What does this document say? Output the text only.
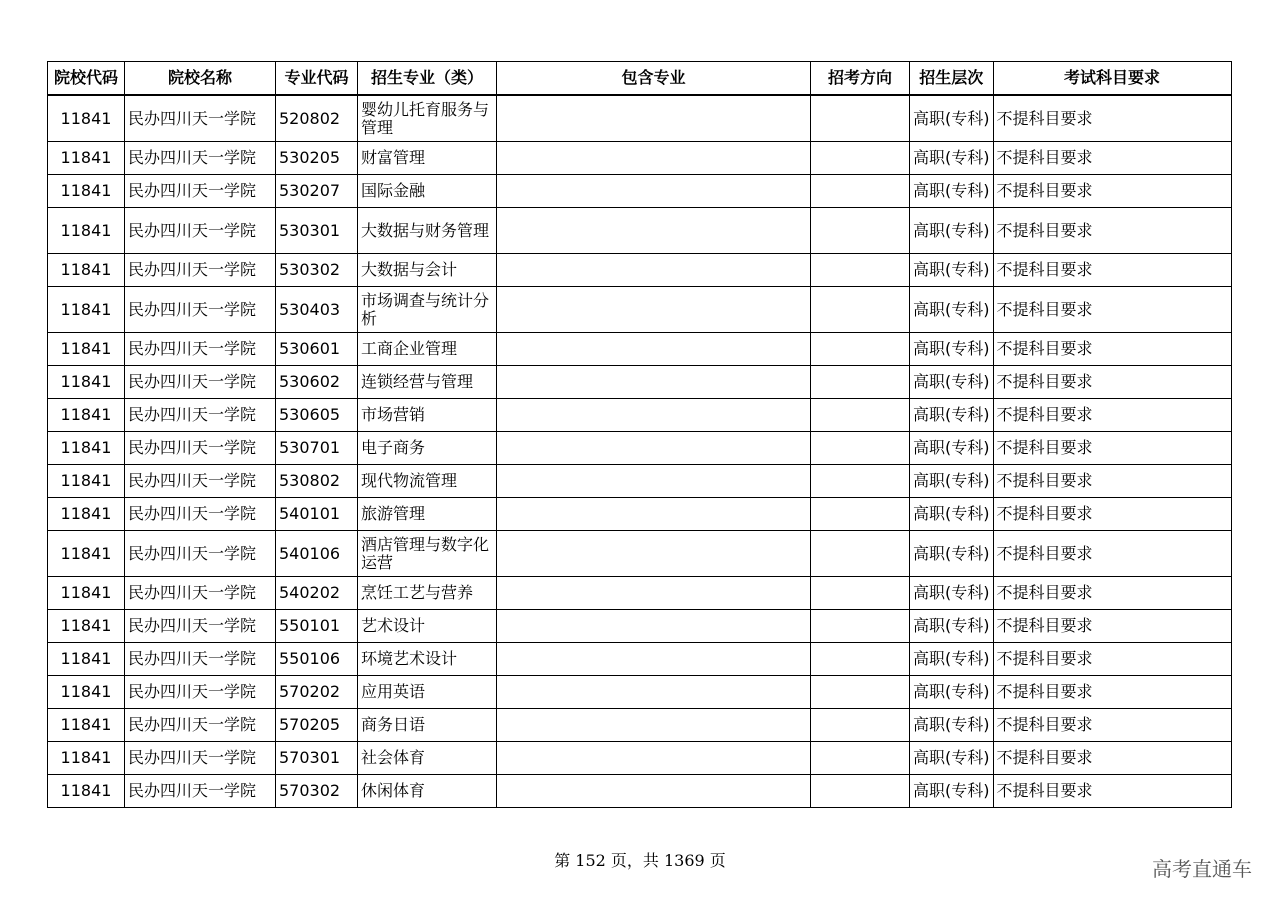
院校代码	院校名称	专业代码	招生专业（类）	包含专业	招考方向	招生层次	考试科目要求
11841	民办四川天一学院	520802	婴幼儿托育服务与管理			高职(专科)	不提科目要求
11841	民办四川天一学院	530205	财富管理			高职(专科)	不提科目要求
11841	民办四川天一学院	530207	国际金融			高职(专科)	不提科目要求
11841	民办四川天一学院	530301	大数据与财务管理			高职(专科)	不提科目要求
11841	民办四川天一学院	530302	大数据与会计			高职(专科)	不提科目要求
11841	民办四川天一学院	530403	市场调查与统计分析			高职(专科)	不提科目要求
11841	民办四川天一学院	530601	工商企业管理			高职(专科)	不提科目要求
11841	民办四川天一学院	530602	连锁经营与管理			高职(专科)	不提科目要求
11841	民办四川天一学院	530605	市场营销			高职(专科)	不提科目要求
11841	民办四川天一学院	530701	电子商务			高职(专科)	不提科目要求
11841	民办四川天一学院	530802	现代物流管理			高职(专科)	不提科目要求
11841	民办四川天一学院	540101	旅游管理			高职(专科)	不提科目要求
11841	民办四川天一学院	540106	酒店管理与数字化运营			高职(专科)	不提科目要求
11841	民办四川天一学院	540202	烹饪工艺与营养			高职(专科)	不提科目要求
11841	民办四川天一学院	550101	艺术设计			高职(专科)	不提科目要求
11841	民办四川天一学院	550106	环境艺术设计			高职(专科)	不提科目要求
11841	民办四川天一学院	570202	应用英语			高职(专科)	不提科目要求
11841	民办四川天一学院	570205	商务日语			高职(专科)	不提科目要求
11841	民办四川天一学院	570301	社会体育			高职(专科)	不提科目要求
11841	民办四川天一学院	570302	休闲体育			高职(专科)	不提科目要求
第 152 页，共 1369 页	高考直通车
